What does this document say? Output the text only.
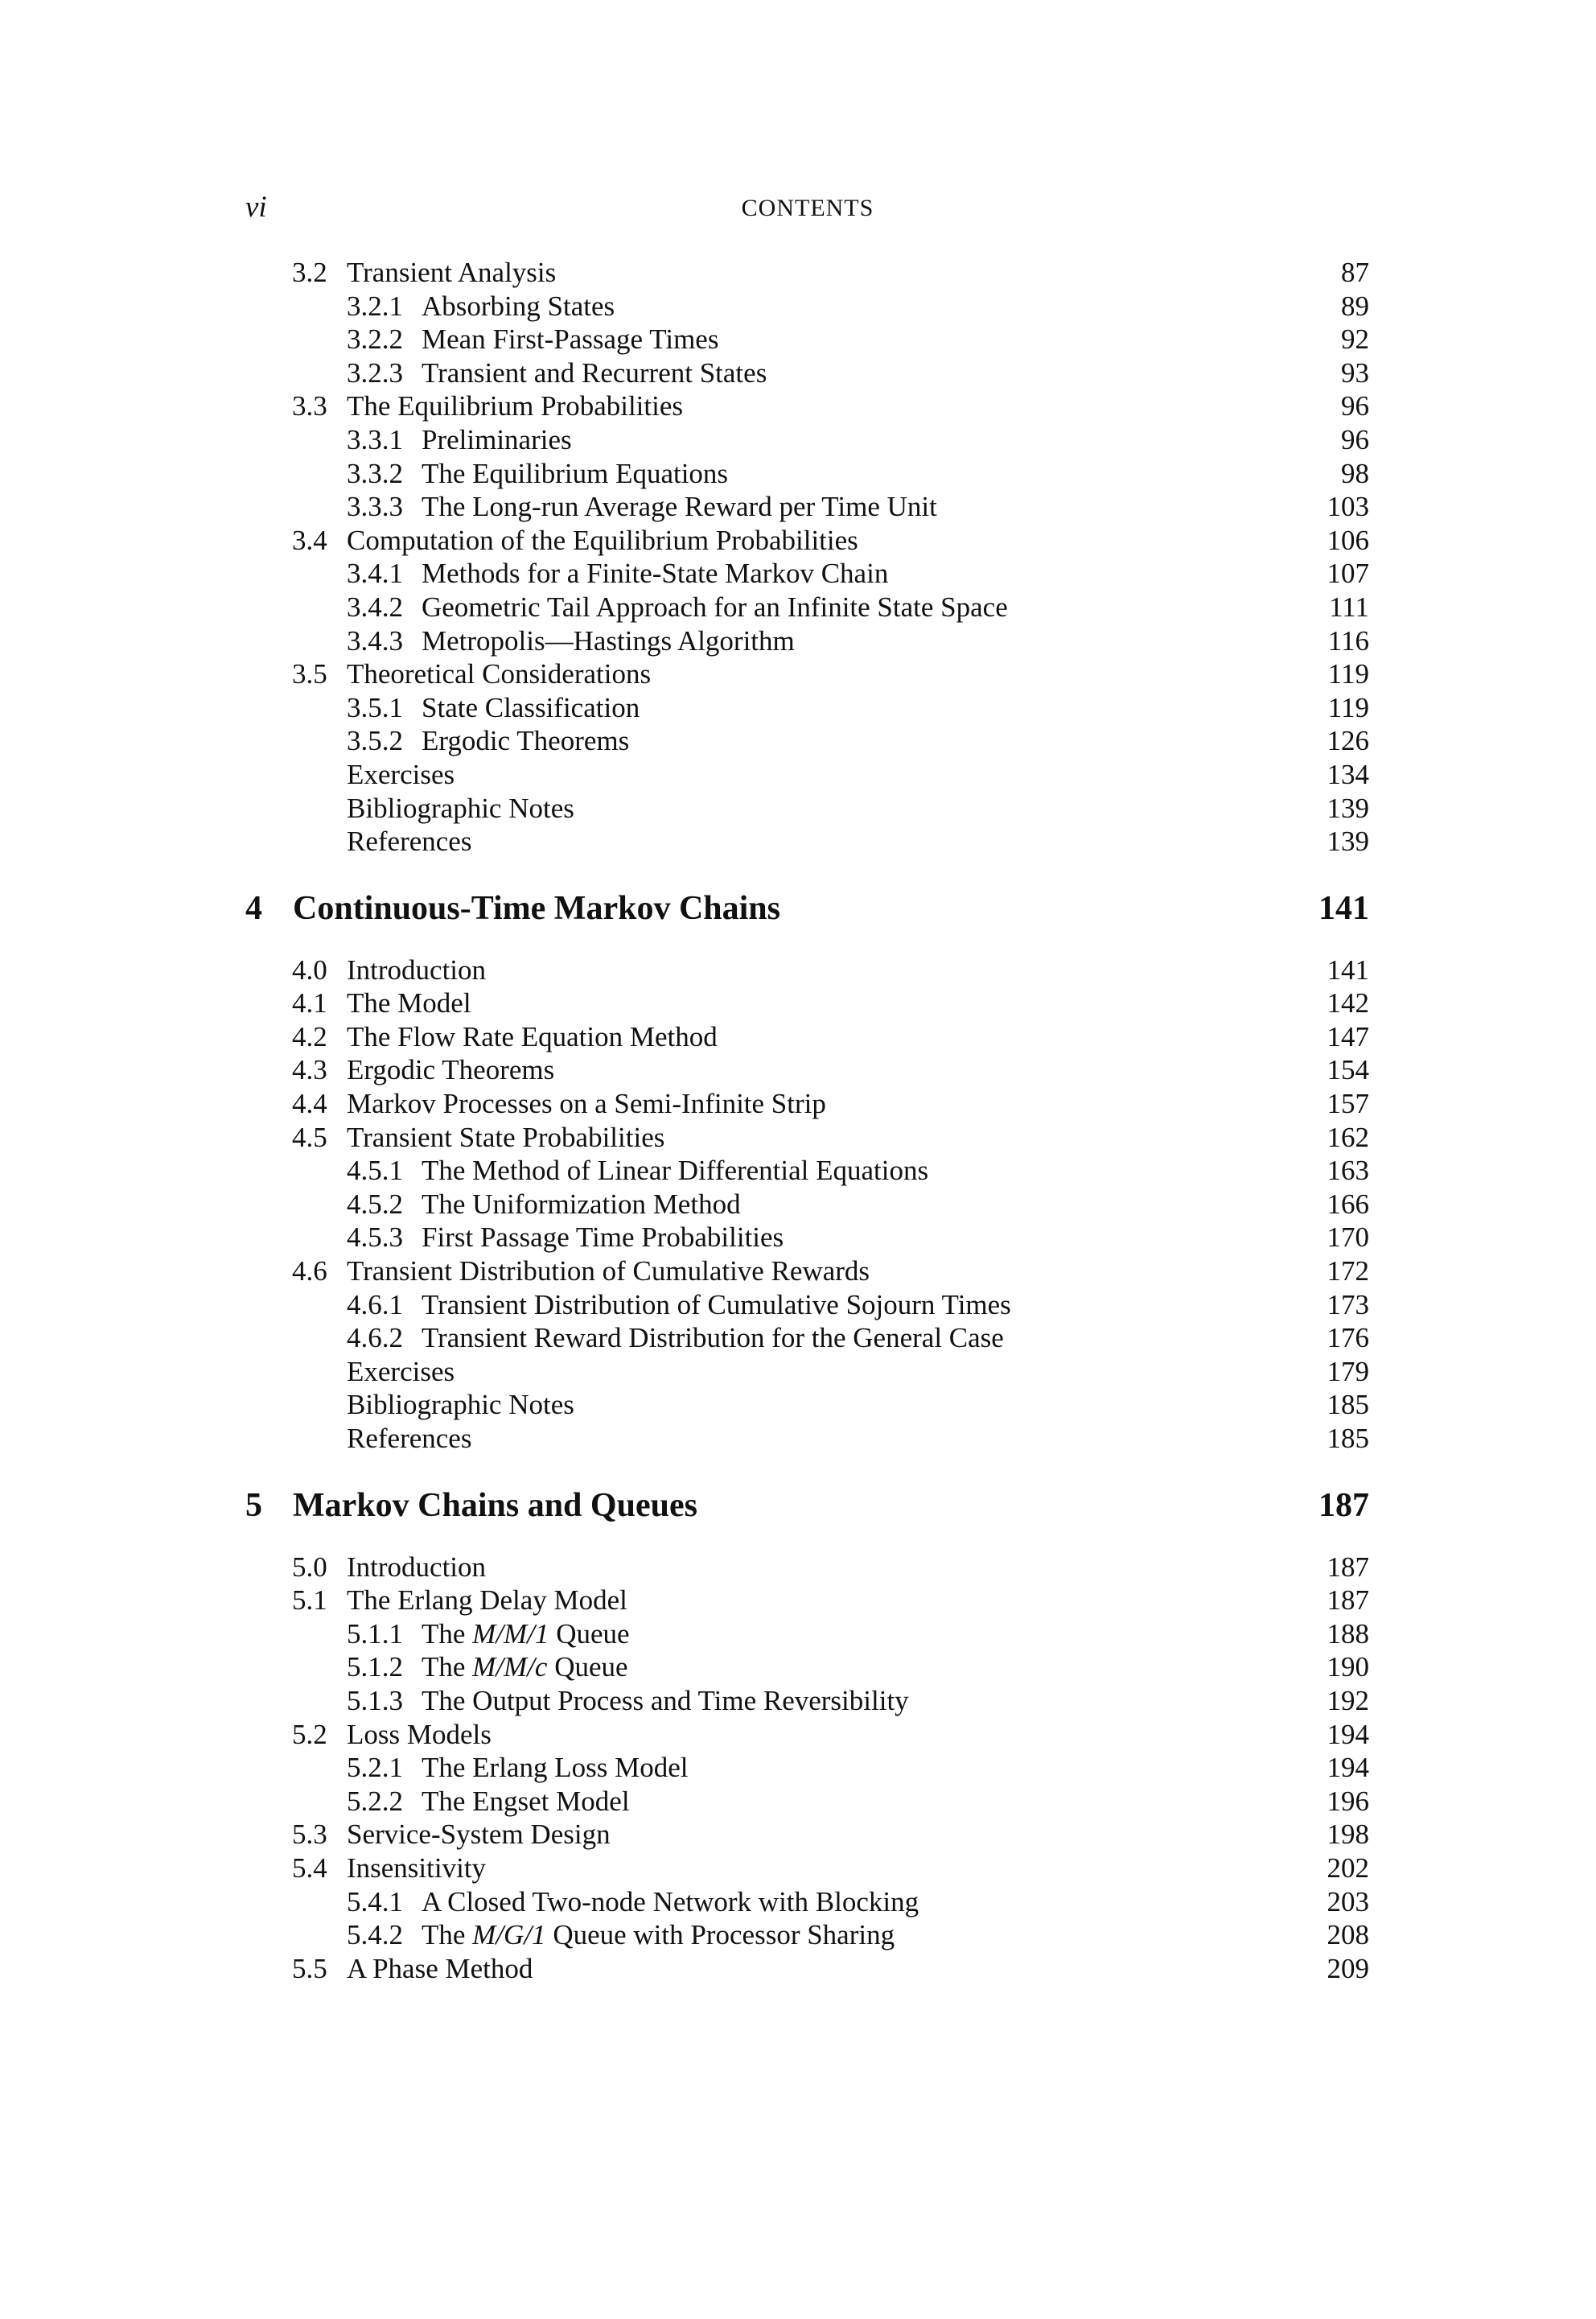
vi	CONTENTS
3.2 Transient Analysis	87
3.2.1 Absorbing States	89
3.2.2 Mean First-Passage Times	92
3.2.3 Transient and Recurrent States	93
3.3 The Equilibrium Probabilities	96
3.3.1 Preliminaries	96
3.3.2 The Equilibrium Equations	98
3.3.3 The Long-run Average Reward per Time Unit	103
3.4 Computation of the Equilibrium Probabilities	106
3.4.1 Methods for a Finite-State Markov Chain	107
3.4.2 Geometric Tail Approach for an Infinite State Space	111
3.4.3 Metropolis—Hastings Algorithm	116
3.5 Theoretical Considerations	119
3.5.1 State Classification	119
3.5.2 Ergodic Theorems	126
Exercises	134
Bibliographic Notes	139
References	139
4 Continuous-Time Markov Chains	141
4.0 Introduction	141
4.1 The Model	142
4.2 The Flow Rate Equation Method	147
4.3 Ergodic Theorems	154
4.4 Markov Processes on a Semi-Infinite Strip	157
4.5 Transient State Probabilities	162
4.5.1 The Method of Linear Differential Equations	163
4.5.2 The Uniformization Method	166
4.5.3 First Passage Time Probabilities	170
4.6 Transient Distribution of Cumulative Rewards	172
4.6.1 Transient Distribution of Cumulative Sojourn Times	173
4.6.2 Transient Reward Distribution for the General Case	176
Exercises	179
Bibliographic Notes	185
References	185
5 Markov Chains and Queues	187
5.0 Introduction	187
5.1 The Erlang Delay Model	187
5.1.1 The M/M/1 Queue	188
5.1.2 The M/M/c Queue	190
5.1.3 The Output Process and Time Reversibility	192
5.2 Loss Models	194
5.2.1 The Erlang Loss Model	194
5.2.2 The Engset Model	196
5.3 Service-System Design	198
5.4 Insensitivity	202
5.4.1 A Closed Two-node Network with Blocking	203
5.4.2 The M/G/1 Queue with Processor Sharing	208
5.5 A Phase Method	209
